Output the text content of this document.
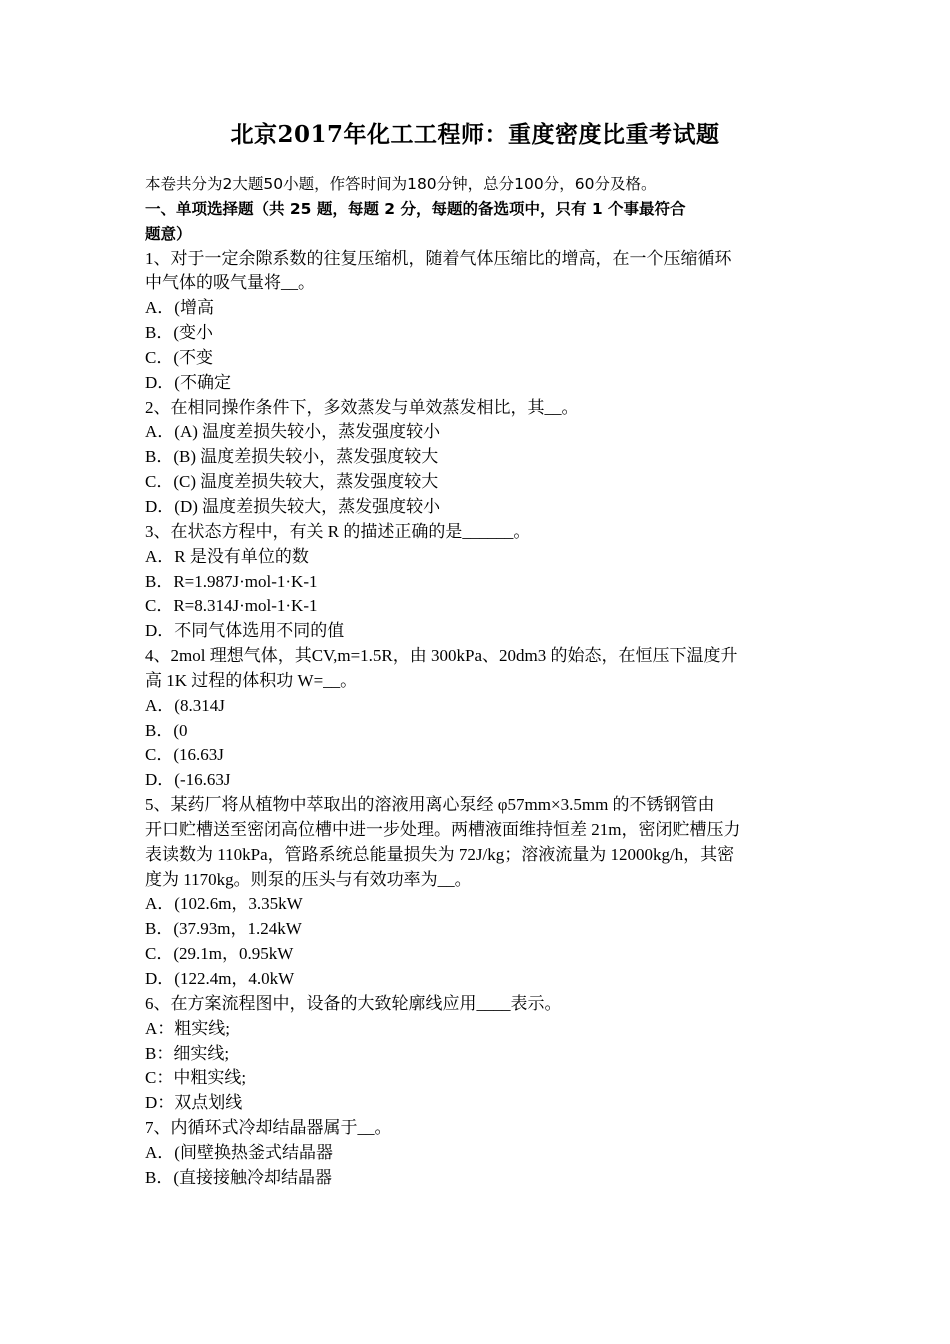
北京2017年化工工程师：重度密度比重考试题
本卷共分为2大题50小题，作答时间为180分钟，总分100分，60分及格。
一、单项选择题（共 25 题，每题 2 分，每题的备选项中，只有 1 个事最符合
题意）
1、对于一定余隙系数的往复压缩机，随着气体压缩比的增高，在一个压缩循环
中气体的吸气量将__。
A．(增高
B．(变小
C．(不变
D．(不确定
2、在相同操作条件下，多效蒸发与单效蒸发相比，其__。
A．(A) 温度差损失较小，蒸发强度较小
B．(B) 温度差损失较小，蒸发强度较大
C．(C) 温度差损失较大，蒸发强度较大
D．(D) 温度差损失较大，蒸发强度较小
3、在状态方程中，有关 R 的描述正确的是______。
A．R 是没有单位的数
B．R=1.987J·mol-1·K-1
C．R=8.314J·mol-1·K-1
D．不同气体选用不同的值
4、2mol 理想气体，其CV,m=1.5R，由 300kPa、20dm3 的始态，在恒压下温度升
高 1K 过程的体积功 W=__。
A．(8.314J
B．(0
C．(16.63J
D．(-16.63J
5、某药厂将从植物中萃取出的溶液用离心泵经 φ57mm×3.5mm 的不锈钢管由
开口贮槽送至密闭高位槽中进一步处理。两槽液面维持恒差 21m，密闭贮槽压力
表读数为 110kPa，管路系统总能量损失为 72J/kg；溶液流量为 12000kg/h，其密
度为 1170kg。则泵的压头与有效功率为__。
A．(102.6m，3.35kW
B．(37.93m，1.24kW
C．(29.1m，0.95kW
D．(122.4m，4.0kW
6、在方案流程图中，设备的大致轮廓线应用____表示。
A：粗实线;
B：细实线;
C：中粗实线;
D：双点划线
7、内循环式冷却结晶器属于__。
A．(间壁换热釜式结晶器
B．(直接接触冷却结晶器
